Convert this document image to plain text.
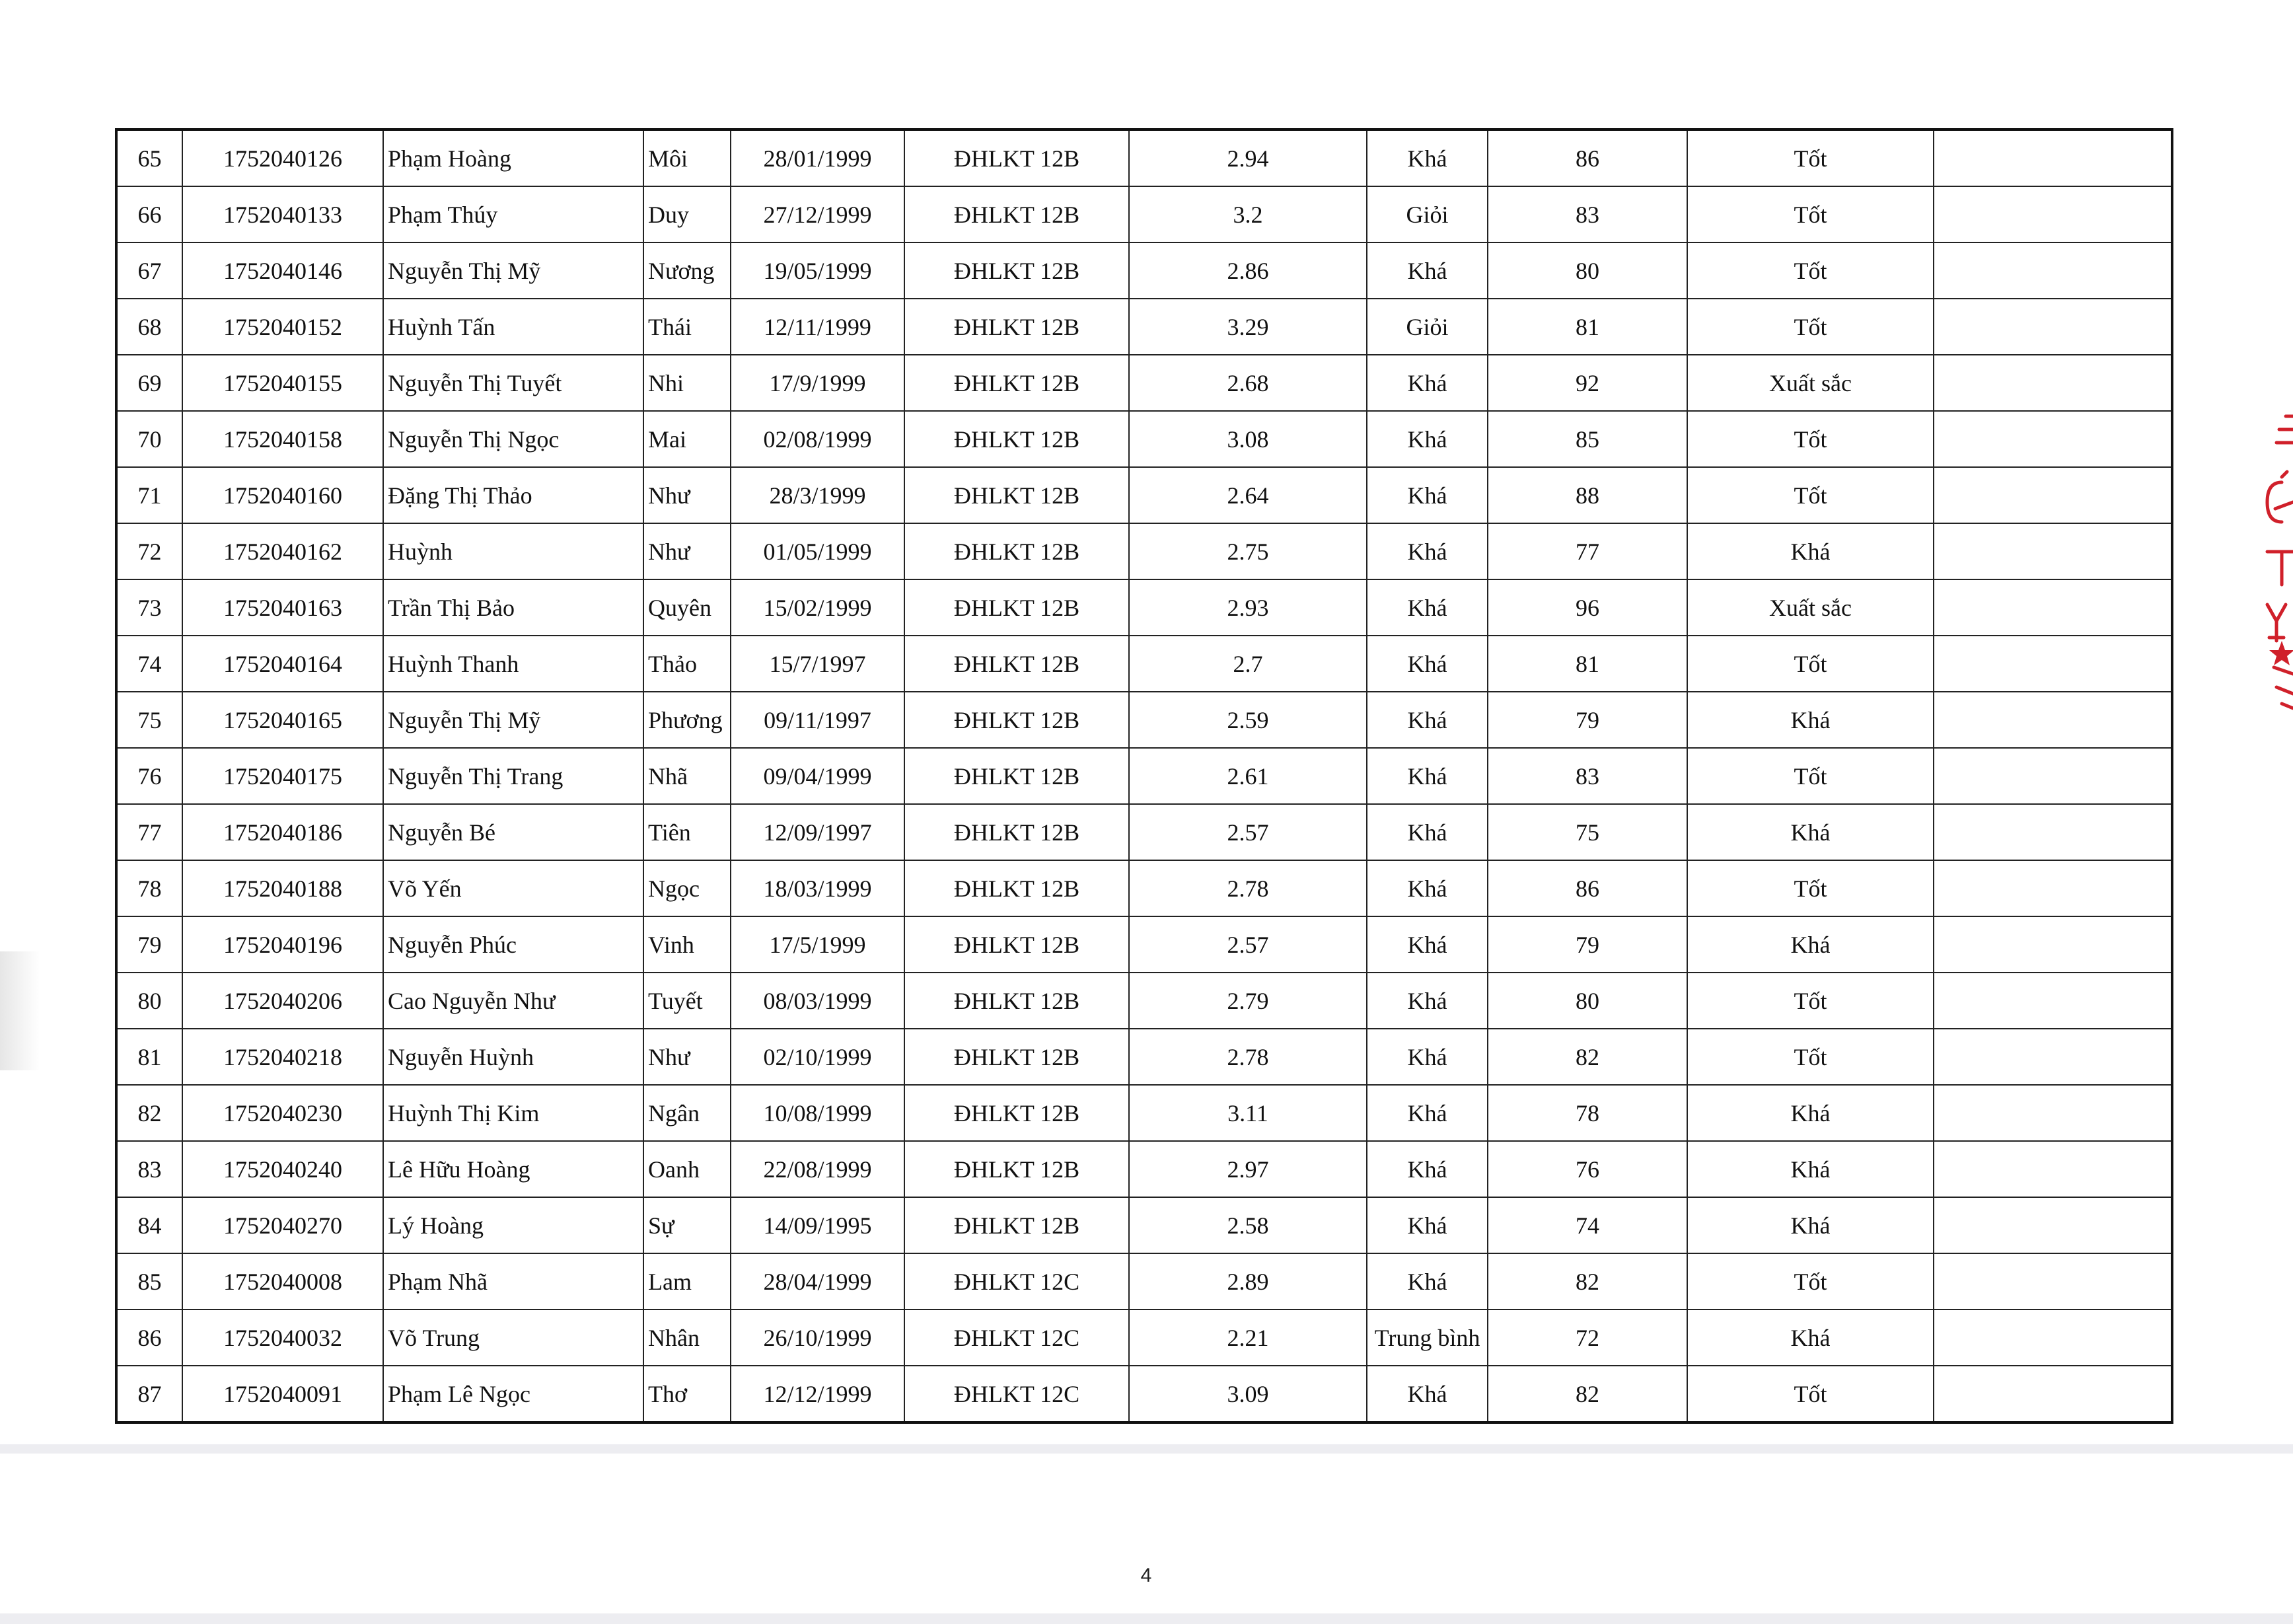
65	1752040126	Phạm Hoàng	Môi	28/01/1999	ĐHLKT 12B	2.94	Khá	86	Tốt	
66	1752040133	Phạm Thúy	Duy	27/12/1999	ĐHLKT 12B	3.2	Giỏi	83	Tốt	
67	1752040146	Nguyễn Thị Mỹ	Nương	19/05/1999	ĐHLKT 12B	2.86	Khá	80	Tốt	
68	1752040152	Huỳnh Tấn	Thái	12/11/1999	ĐHLKT 12B	3.29	Giỏi	81	Tốt	
69	1752040155	Nguyễn Thị Tuyết	Nhi	17/9/1999	ĐHLKT 12B	2.68	Khá	92	Xuất sắc	
70	1752040158	Nguyễn Thị Ngọc	Mai	02/08/1999	ĐHLKT 12B	3.08	Khá	85	Tốt	
71	1752040160	Đặng Thị Thảo	Như	28/3/1999	ĐHLKT 12B	2.64	Khá	88	Tốt	
72	1752040162	Huỳnh	Như	01/05/1999	ĐHLKT 12B	2.75	Khá	77	Khá	
73	1752040163	Trần Thị Bảo	Quyên	15/02/1999	ĐHLKT 12B	2.93	Khá	96	Xuất sắc	
74	1752040164	Huỳnh Thanh	Thảo	15/7/1997	ĐHLKT 12B	2.7	Khá	81	Tốt	
75	1752040165	Nguyễn Thị Mỹ	Phương	09/11/1997	ĐHLKT 12B	2.59	Khá	79	Khá	
76	1752040175	Nguyễn Thị Trang	Nhã	09/04/1999	ĐHLKT 12B	2.61	Khá	83	Tốt	
77	1752040186	Nguyễn Bé	Tiên	12/09/1997	ĐHLKT 12B	2.57	Khá	75	Khá	
78	1752040188	Võ Yến	Ngọc	18/03/1999	ĐHLKT 12B	2.78	Khá	86	Tốt	
79	1752040196	Nguyễn Phúc	Vinh	17/5/1999	ĐHLKT 12B	2.57	Khá	79	Khá	
80	1752040206	Cao Nguyễn Như	Tuyết	08/03/1999	ĐHLKT 12B	2.79	Khá	80	Tốt	
81	1752040218	Nguyễn Huỳnh	Như	02/10/1999	ĐHLKT 12B	2.78	Khá	82	Tốt	
82	1752040230	Huỳnh Thị Kim	Ngân	10/08/1999	ĐHLKT 12B	3.11	Khá	78	Khá	
83	1752040240	Lê Hữu Hoàng	Oanh	22/08/1999	ĐHLKT 12B	2.97	Khá	76	Khá	
84	1752040270	Lý Hoàng	Sự	14/09/1995	ĐHLKT 12B	2.58	Khá	74	Khá	
85	1752040008	Phạm Nhã	Lam	28/04/1999	ĐHLKT 12C	2.89	Khá	82	Tốt	
86	1752040032	Võ Trung	Nhân	26/10/1999	ĐHLKT 12C	2.21	Trung bình	72	Khá	
87	1752040091	Phạm Lê Ngọc	Thơ	12/12/1999	ĐHLKT 12C	3.09	Khá	82	Tốt	
4
